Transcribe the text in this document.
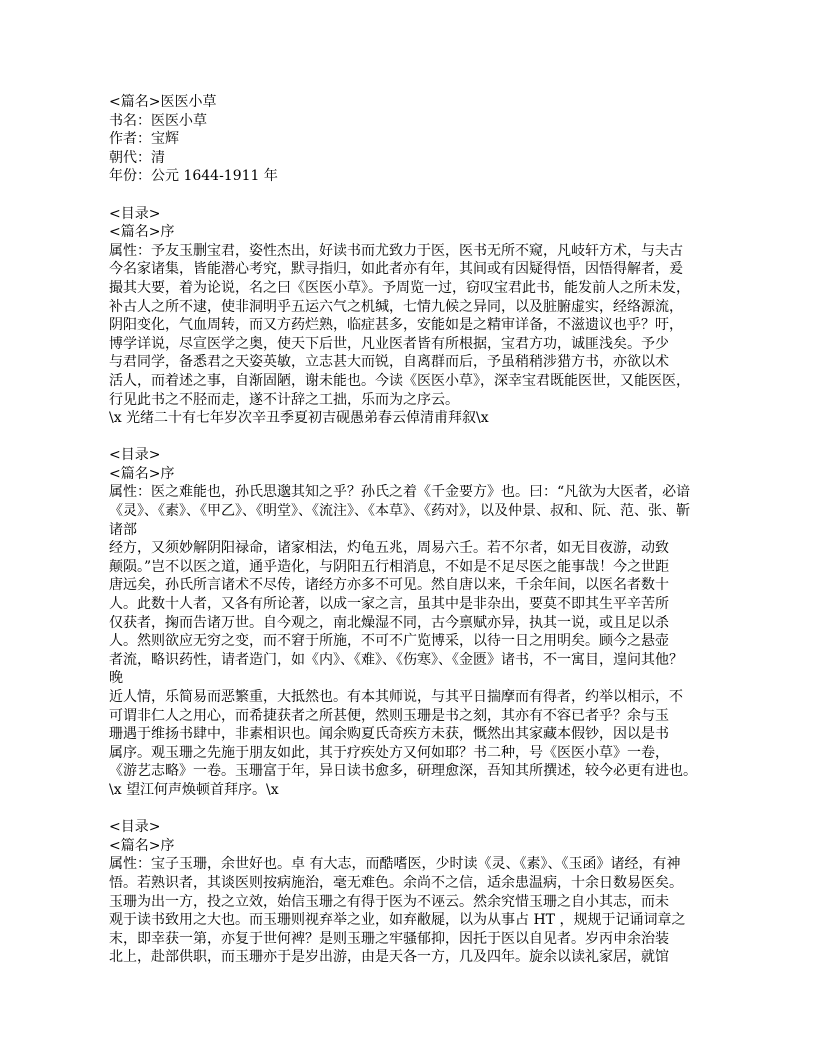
<篇名>医医小草
书名：医医小草
作者：宝辉
朝代：清
年份：公元 1644-1911 年
<目录>
<篇名>序
属性：予友玉删宝君，姿性杰出，好读书而尤致力于医，医书无所不窥，凡岐轩方术，与夫古
今名家诸集，皆能潜心考究，默寻指归，如此者亦有年，其间或有因疑得悟，因悟得解者，爰
撮其大要，着为论说，名之曰《医医小草》。予周览一过，窃叹宝君此书，能发前人之所未发，
补古人之所不逮，使非洞明乎五运六气之机缄，七情九候之异同，以及脏腑虚实，经络源流，
阴阳变化，气血周转，而又方药烂熟，临症甚多，安能如是之精审详备，不滋遗议也乎？吁，
博学详说，尽宣医学之奥，使天下后世，凡业医者皆有所根据，宝君方功，诚匪浅矣。予少
与君同学，备悉君之天姿英敏，立志甚大而锐，自离群而后，予虽稍稍涉猎方书，亦欲以术
活人，而着述之事，自渐固陋，谢未能也。今读《医医小草》，深幸宝君既能医世，又能医医，
行见此书之不胫而走，遂不计辞之工拙，乐而为之序云。
\x 光绪二十有七年岁次辛丑季夏初吉砚愚弟春云倬清甫拜叙\x
<目录>
<篇名>序
属性：医之难能也，孙氏思邈其知之乎？孙氏之着《千金要方》也。曰：“凡欲为大医者，必谙
《灵》、《素》、《甲乙》、《明堂》、《流注》、《本草》、《药对》，以及仲景、叔和、阮、范、张、靳
诸部
经方，又须妙解阴阳禄命，诸家相法，灼龟五兆，周易六壬。若不尔者，如无目夜游，动致
颠陨。”岂不以医之道，通乎造化，与阴阳五行相消息，不如是不足尽医之能事哉！今之世距
唐远矣，孙氏所言诸术不尽传，诸经方亦多不可见。然自唐以来，千余年间，以医名者数十
人。此数十人者，又各有所论著，以成一家之言，虽其中是非杂出，要莫不即其生平辛苦所
仅获者，掬而告诸万世。自今观之，南北燥湿不同，古今禀赋亦异，执其一说，或且足以杀
人。然则欲应无穷之变，而不窘于所施，不可不广览博采，以待一日之用明矣。顾今之悬壶
者流，略识药性，请者造门，如《内》、《难》、《伤寒》、《金匮》诸书，不一寓目，遑问其他？
晚
近人情，乐简易而恶繁重，大抵然也。有本其师说，与其平日揣摩而有得者，约举以相示，不
可谓非仁人之用心，而希捷获者之所甚便，然则玉珊是书之刻，其亦有不容已者乎？余与玉
珊遇于维扬书肆中，非素相识也。闻余购夏氏奇疾方未获，慨然出其家藏本假钞，因以是书
属序。观玉珊之先施于朋友如此，其于疗疾处方又何如耶？书二种，号《医医小草》一卷，
《游艺志略》一卷。玉珊富于年，异日读书愈多，研理愈深，吾知其所撰述，较今必更有进也。
\x 望江何声焕顿首拜序。\x
<目录>
<篇名>序
属性：宝子玉珊，余世好也。卓 有大志，而酷嗜医，少时读《灵、《素》、《玉函》诸经，有神
悟。若熟识者，其谈医则按病施治，毫无难色。余尚不之信，适余患温病，十余日数易医矣。
玉珊为出一方，投之立效，始信玉珊之有得于医为不诬云。然余究惜玉珊之自小其志，而未
观于读书致用之大也。而玉珊则视弃举之业，如弃敝屣，以为从事占 HT ，规规于记诵词章之
末，即幸获一第，亦复于世何裨？是则玉珊之牢骚郁抑，因托于医以自见者。岁丙申余治装
北上，赴部供职，而玉珊亦于是岁出游，由是天各一方，几及四年。旋余以读礼家居，就馆
